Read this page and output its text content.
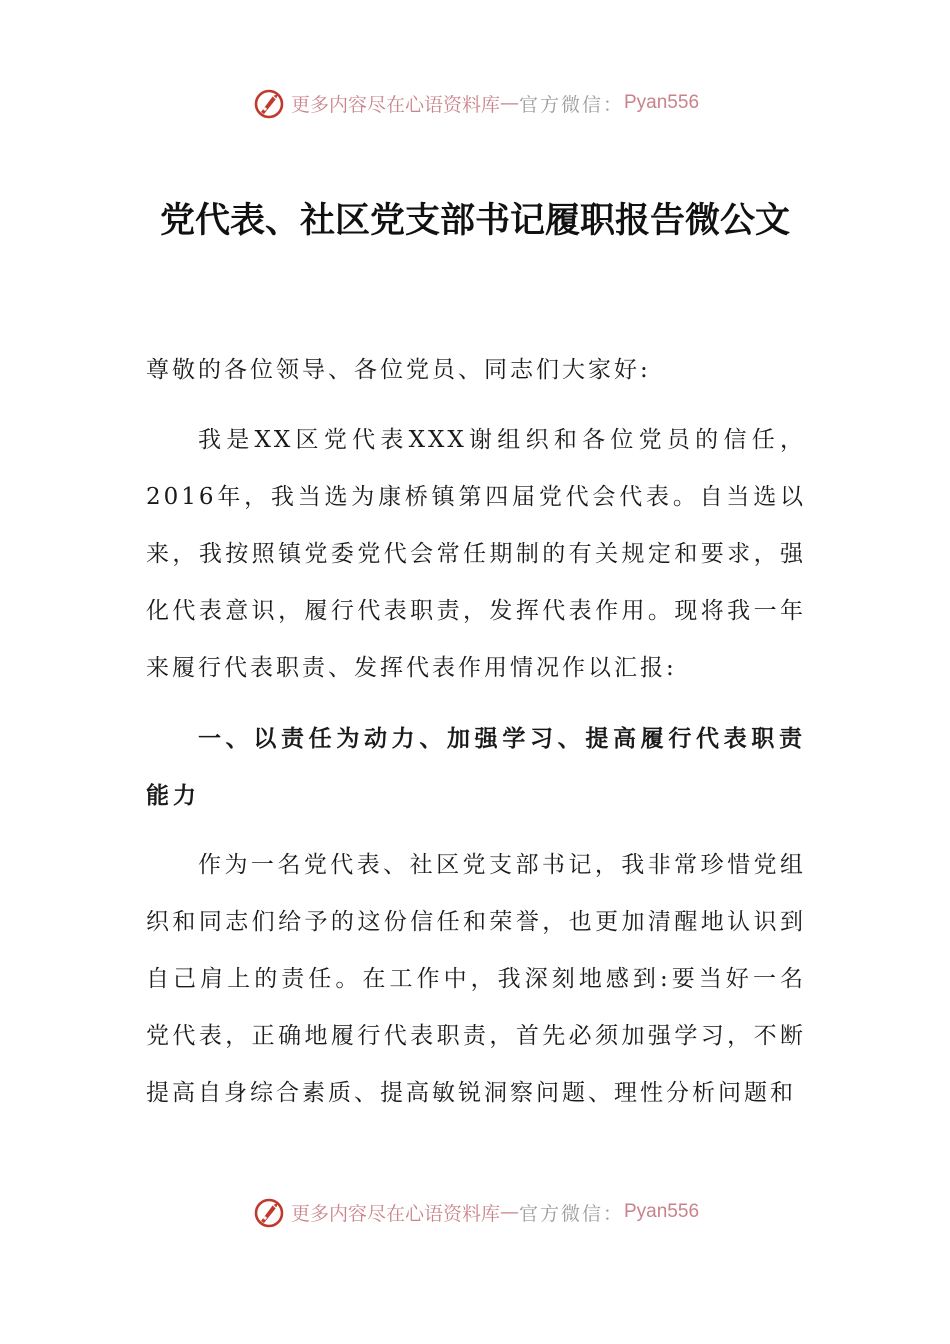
更多内容尽在心语资料库 — 官方微信： Pyan556
党代表、社区党支部书记履职报告微公文

尊敬的各位领导、各位党员、同志们大家好:

我是XX区党代表XXX谢组织和各位党员的信任，2016年，我当选为康桥镇第四届党代会代表。自当选以来，我按照镇党委党代会常任期制的有关规定和要求，强化代表意识，履行代表职责，发挥代表作用。现将我一年来履行代表职责、发挥代表作用情况作以汇报:

一、以责任为动力、加强学习、提高履行代表职责能力

作为一名党代表、社区党支部书记，我非常珍惜党组织和同志们给予的这份信任和荣誉，也更加清醒地认识到自己肩上的责任。在工作中，我深刻地感到:要当好一名党代表，正确地履行代表职责，首先必须加强学习，不断提高自身综合素质、提高敏锐洞察问题、理性分析问题和

更多内容尽在心语资料库 — 官方微信： Pyan556
